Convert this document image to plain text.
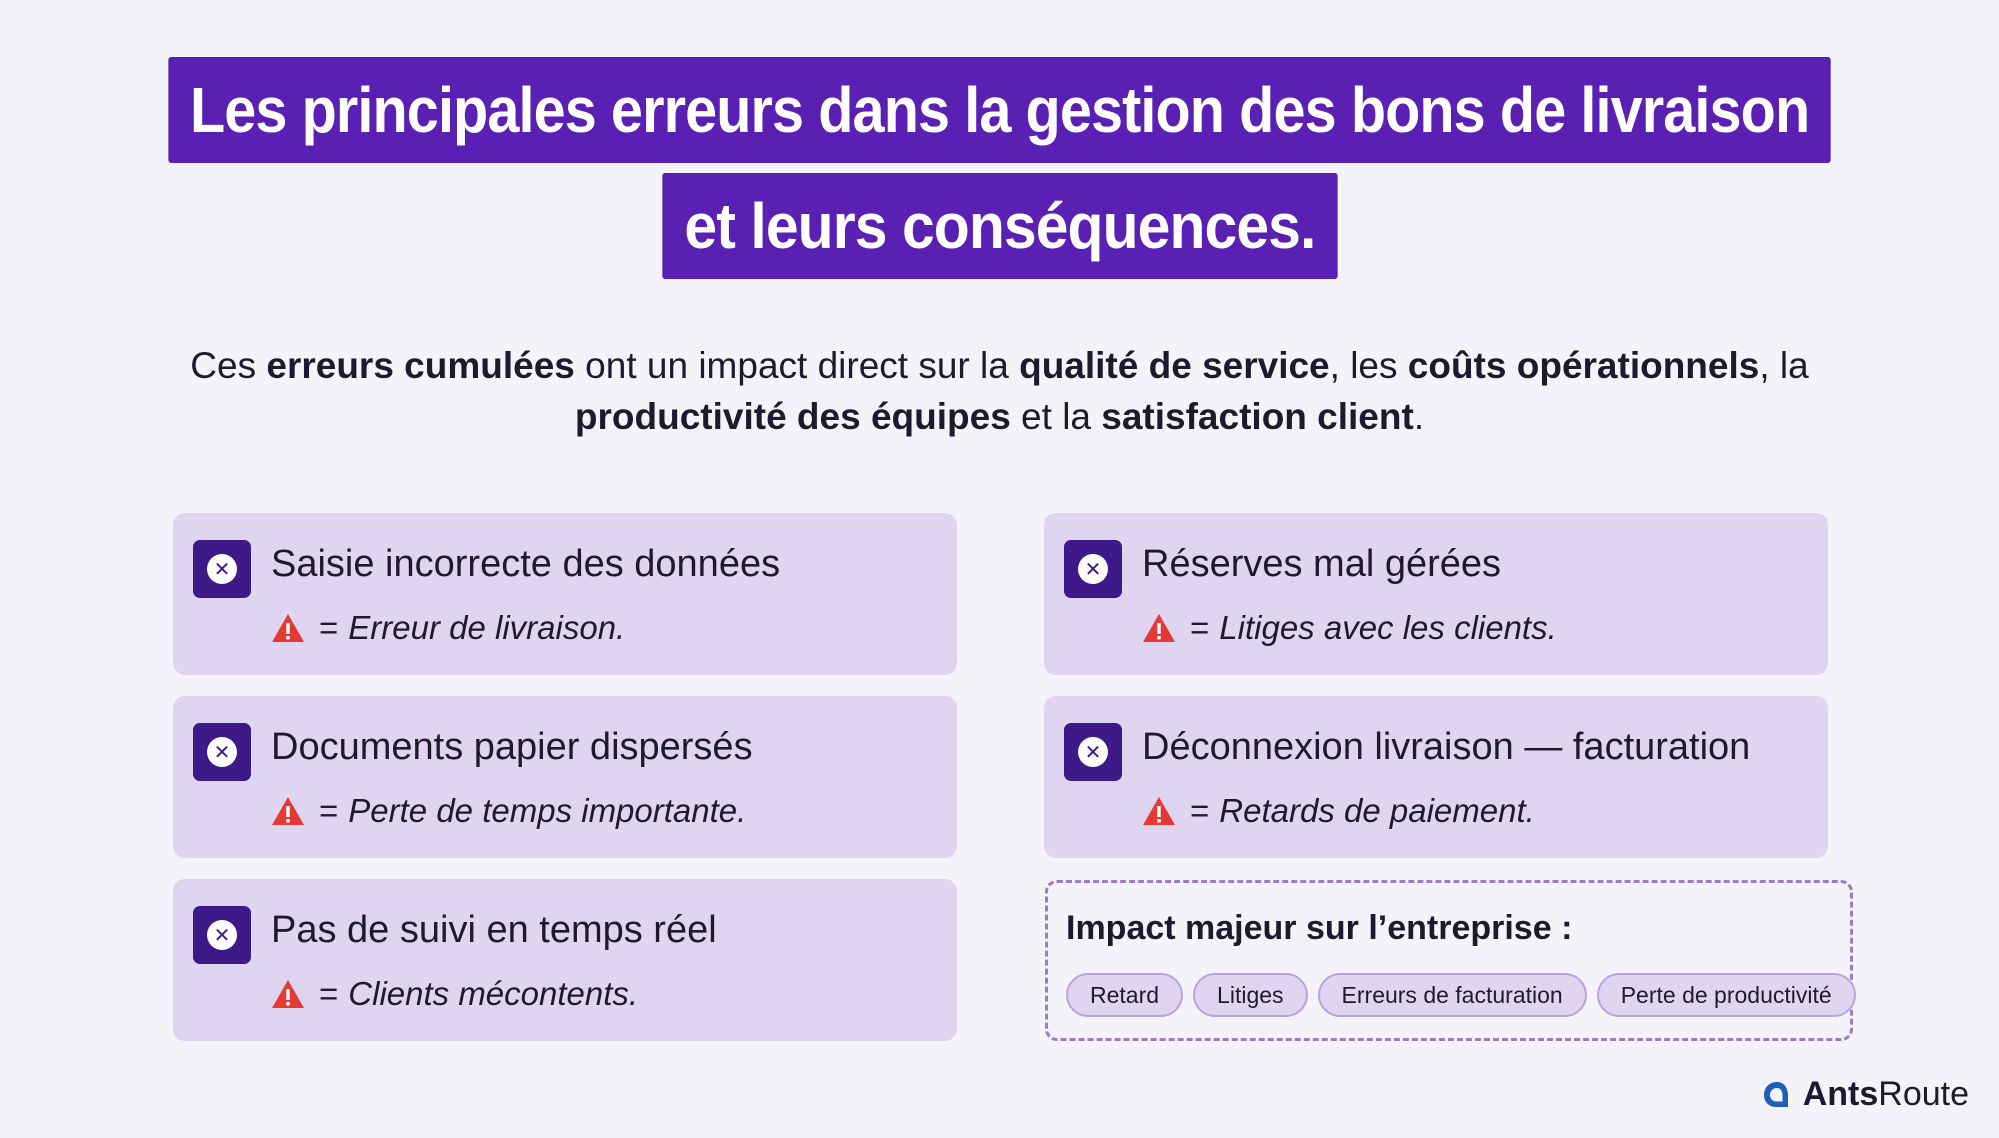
Les principales erreurs dans la gestion des bons de livraison
et leurs conséquences.
Ces erreurs cumulées ont un impact direct sur la qualité de service, les coûts opérationnels, la
productivité des équipes et la satisfaction client.
✕ Saisie incorrecte des données
= Erreur de livraison.
✕ Documents papier dispersés
= Perte de temps importante.
✕ Pas de suivi en temps réel
= Clients mécontents.
✕ Réserves mal gérées
= Litiges avec les clients.
✕ Déconnexion livraison — facturation
= Retards de paiement.
Impact majeur sur l’entreprise :
Retard	Litiges	Erreurs de facturation	Perte de productivité
AntsRoute
